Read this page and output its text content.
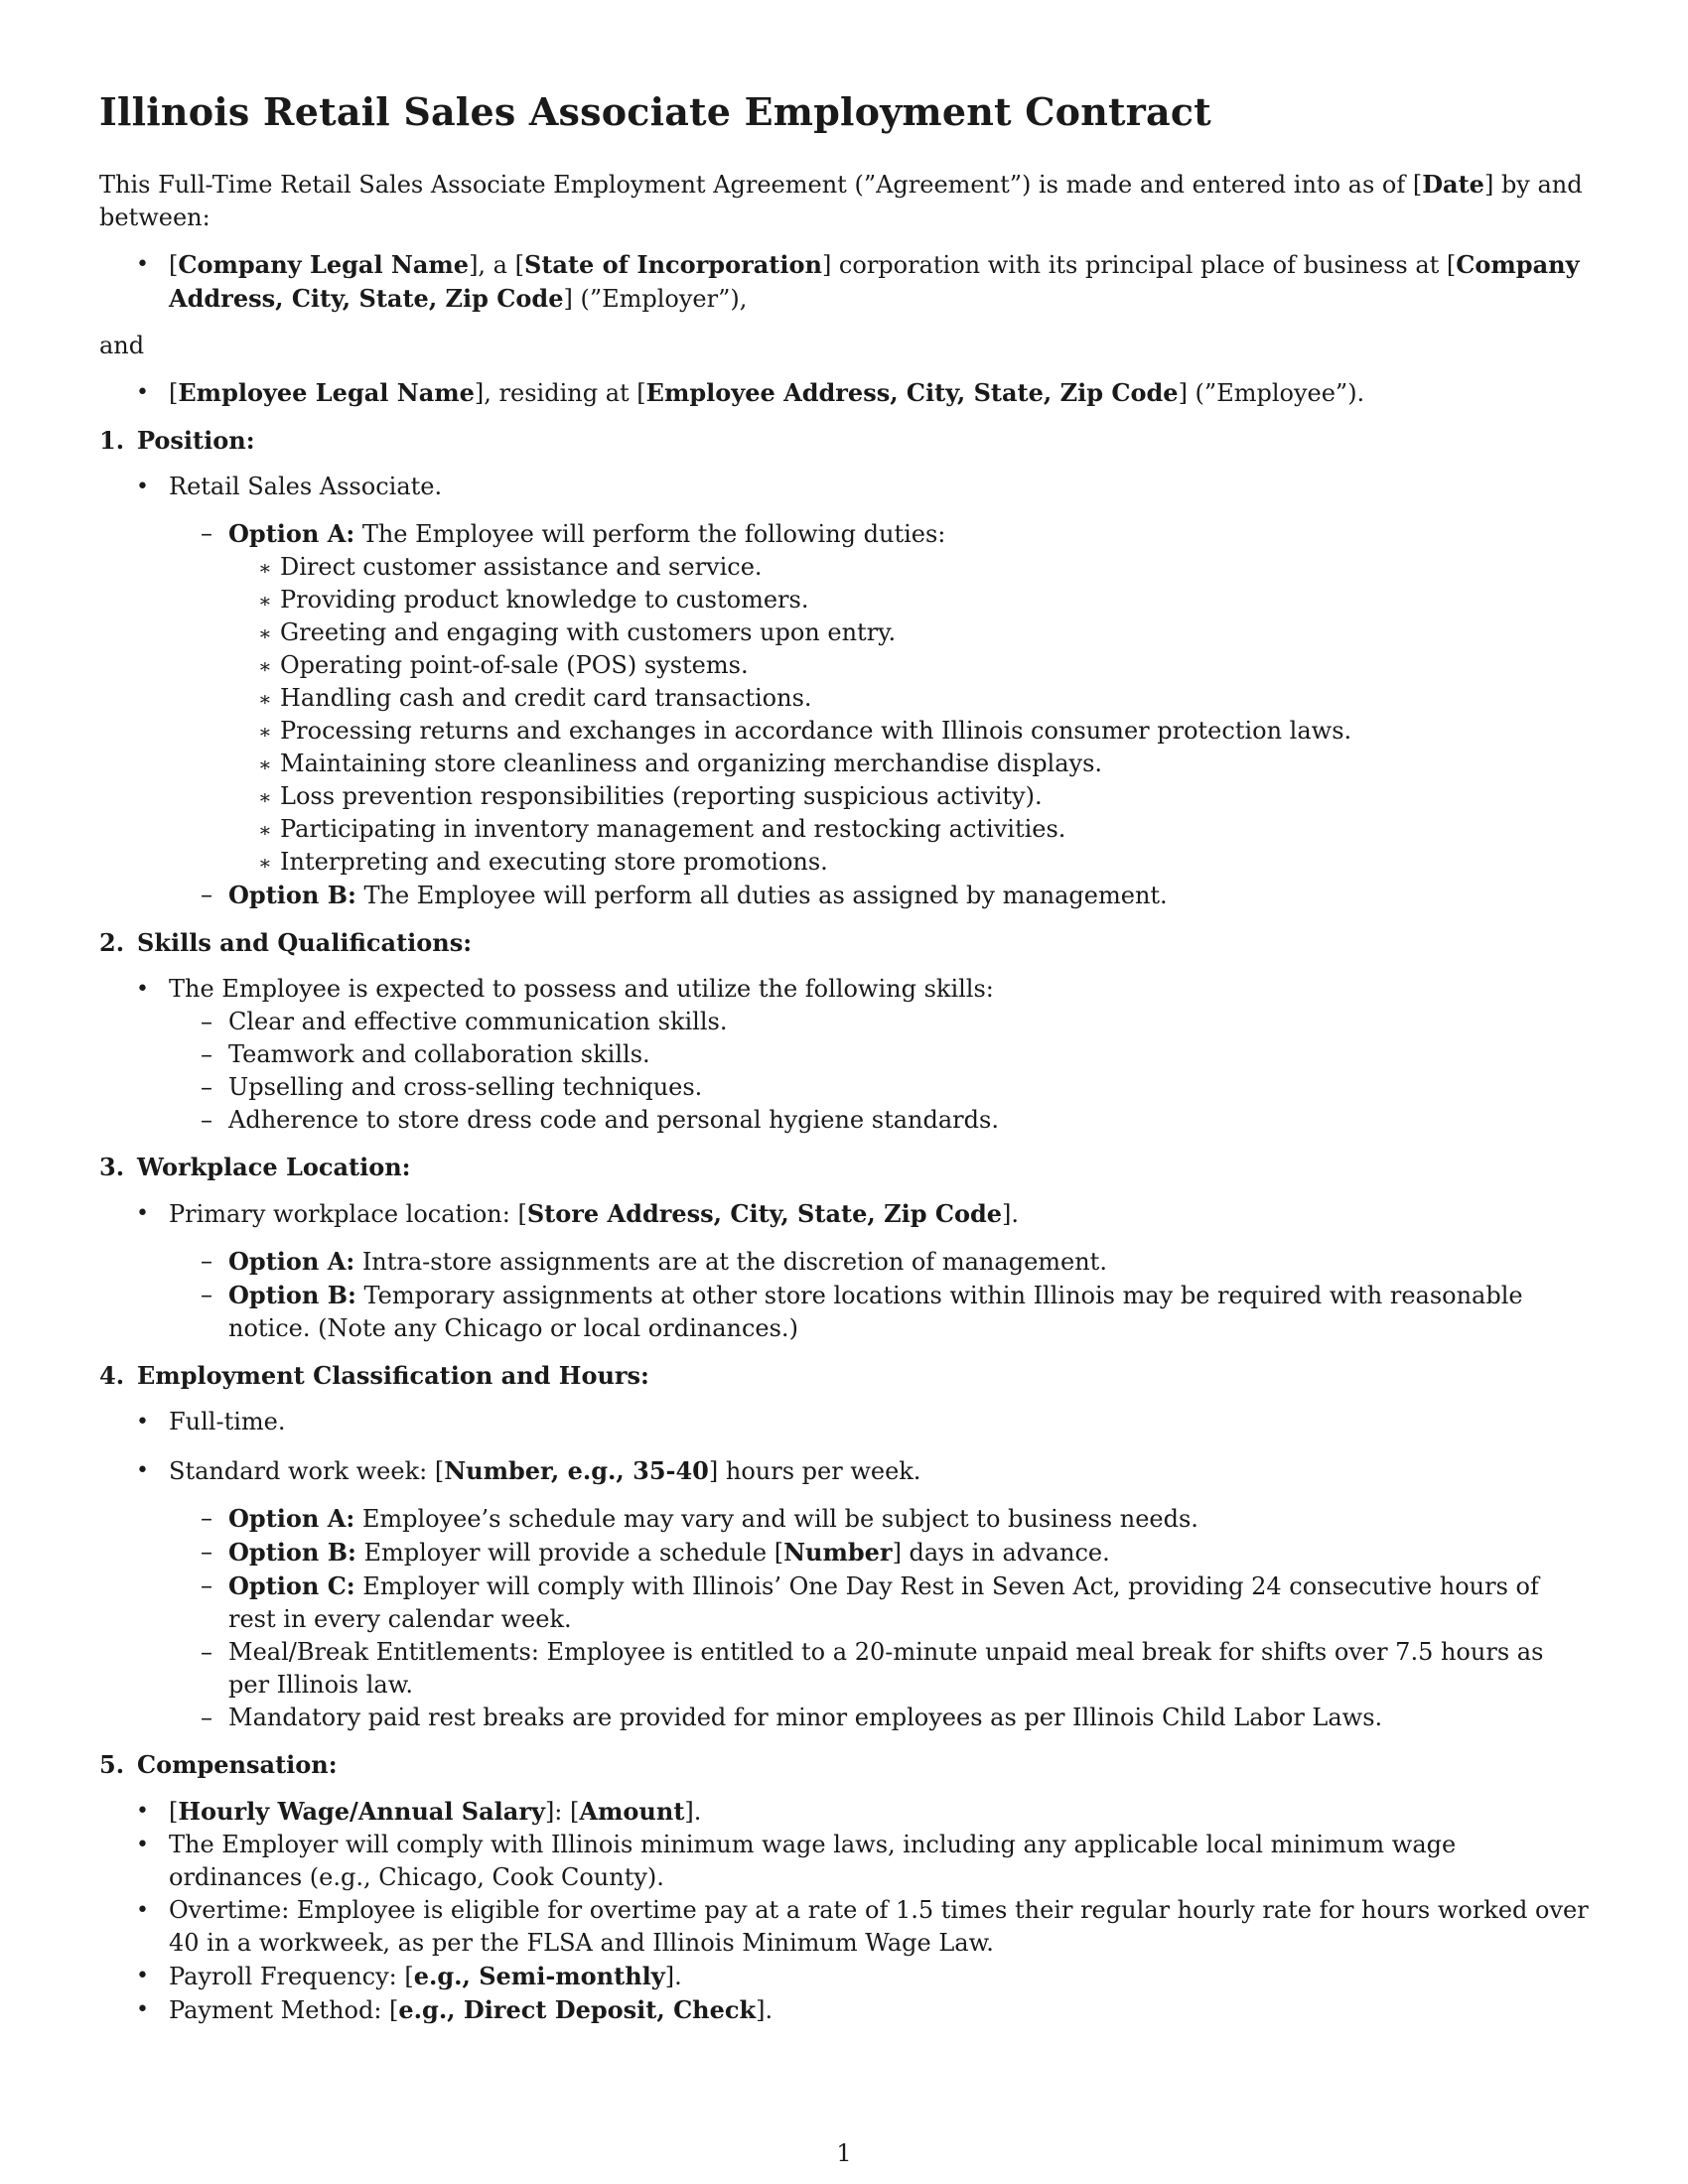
Illinois Retail Sales Associate Employment Contract

This Full-Time Retail Sales Associate Employment Agreement (”Agreement”) is made and entered into as of [Date] by and between:

• [Company Legal Name], a [State of Incorporation] corporation with its principal place of business at [Company Address, City, State, Zip Code] (”Employer”),

and

• [Employee Legal Name], residing at [Employee Address, City, State, Zip Code] (”Employee”).
1. Position:
• Retail Sales Associate.
– Option A: The Employee will perform the following duties:
∗ Direct customer assistance and service.
∗ Providing product knowledge to customers.
∗ Greeting and engaging with customers upon entry.
∗ Operating point-of-sale (POS) systems.
∗ Handling cash and credit card transactions.
∗ Processing returns and exchanges in accordance with Illinois consumer protection laws.
∗ Maintaining store cleanliness and organizing merchandise displays.
∗ Loss prevention responsibilities (reporting suspicious activity).
∗ Participating in inventory management and restocking activities.
∗ Interpreting and executing store promotions.
– Option B: The Employee will perform all duties as assigned by management.
2. Skills and Qualifications:
• The Employee is expected to possess and utilize the following skills:
– Clear and effective communication skills.
– Teamwork and collaboration skills.
– Upselling and cross-selling techniques.
– Adherence to store dress code and personal hygiene standards.
3. Workplace Location:
• Primary workplace location: [Store Address, City, State, Zip Code].
– Option A: Intra-store assignments are at the discretion of management.
– Option B: Temporary assignments at other store locations within Illinois may be required with reasonable notice. (Note any Chicago or local ordinances.)
4. Employment Classification and Hours:
• Full-time.
• Standard work week: [Number, e.g., 35-40] hours per week.
– Option A: Employee’s schedule may vary and will be subject to business needs.
– Option B: Employer will provide a schedule [Number] days in advance.
– Option C: Employer will comply with Illinois’ One Day Rest in Seven Act, providing 24 consecutive hours of rest in every calendar week.
– Meal/Break Entitlements: Employee is entitled to a 20-minute unpaid meal break for shifts over 7.5 hours as per Illinois law.
– Mandatory paid rest breaks are provided for minor employees as per Illinois Child Labor Laws.
5. Compensation:
• [Hourly Wage/Annual Salary]: [Amount].
• The Employer will comply with Illinois minimum wage laws, including any applicable local minimum wage ordinances (e.g., Chicago, Cook County).
• Overtime: Employee is eligible for overtime pay at a rate of 1.5 times their regular hourly rate for hours worked over 40 in a workweek, as per the FLSA and Illinois Minimum Wage Law.
• Payroll Frequency: [e.g., Semi-monthly].
• Payment Method: [e.g., Direct Deposit, Check].
1
